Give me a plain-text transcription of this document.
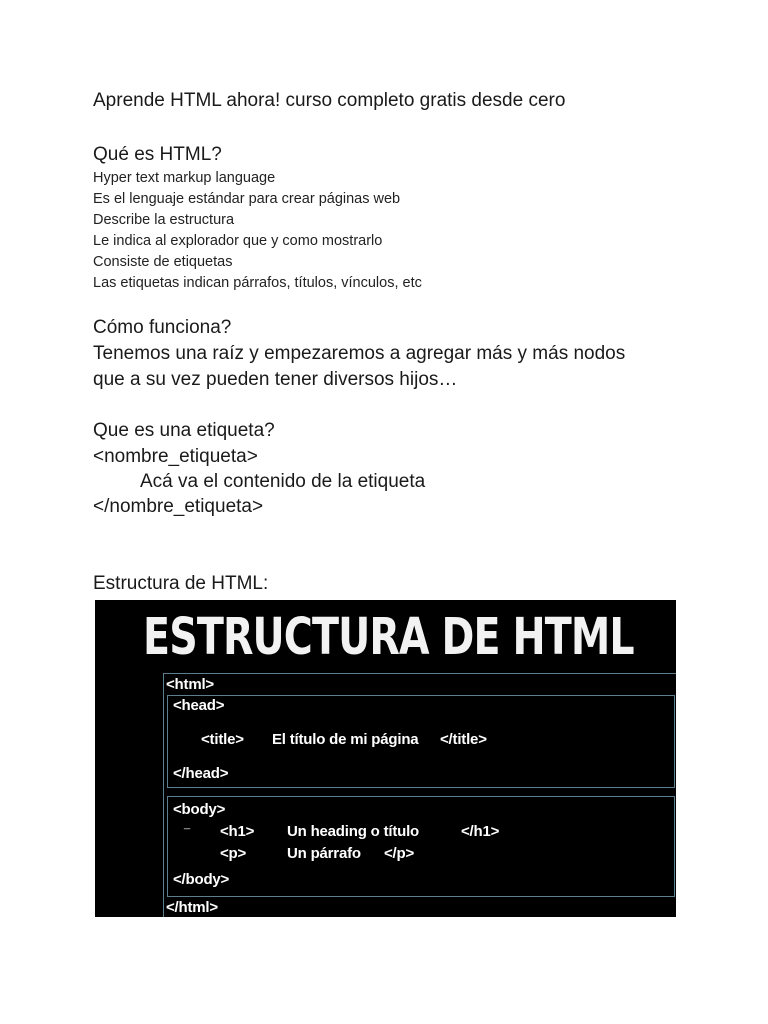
Aprende HTML ahora! curso completo gratis desde cero
Qué es HTML?
Hyper text markup language
Es el lenguaje estándar para crear páginas web
Describe la estructura
Le indica al explorador que y como mostrarlo
Consiste de etiquetas
Las etiquetas indican párrafos, títulos, vínculos, etc
Cómo funciona?
Tenemos una raíz y empezaremos a agregar más y más nodos
que a su vez pueden tener diversos hijos…
Que es una etiqueta?
<nombre_etiqueta>
Acá va el contenido de la etiqueta
</nombre_etiqueta>
Estructura de HTML:
ESTRUCTURA DE HTML
<html>
<head>
<title> El título de mi página </title>
</head>
<body>
_ <h1> Un heading o título	</h1>
<p>	Un párrafo </p>
</body>
</html>
